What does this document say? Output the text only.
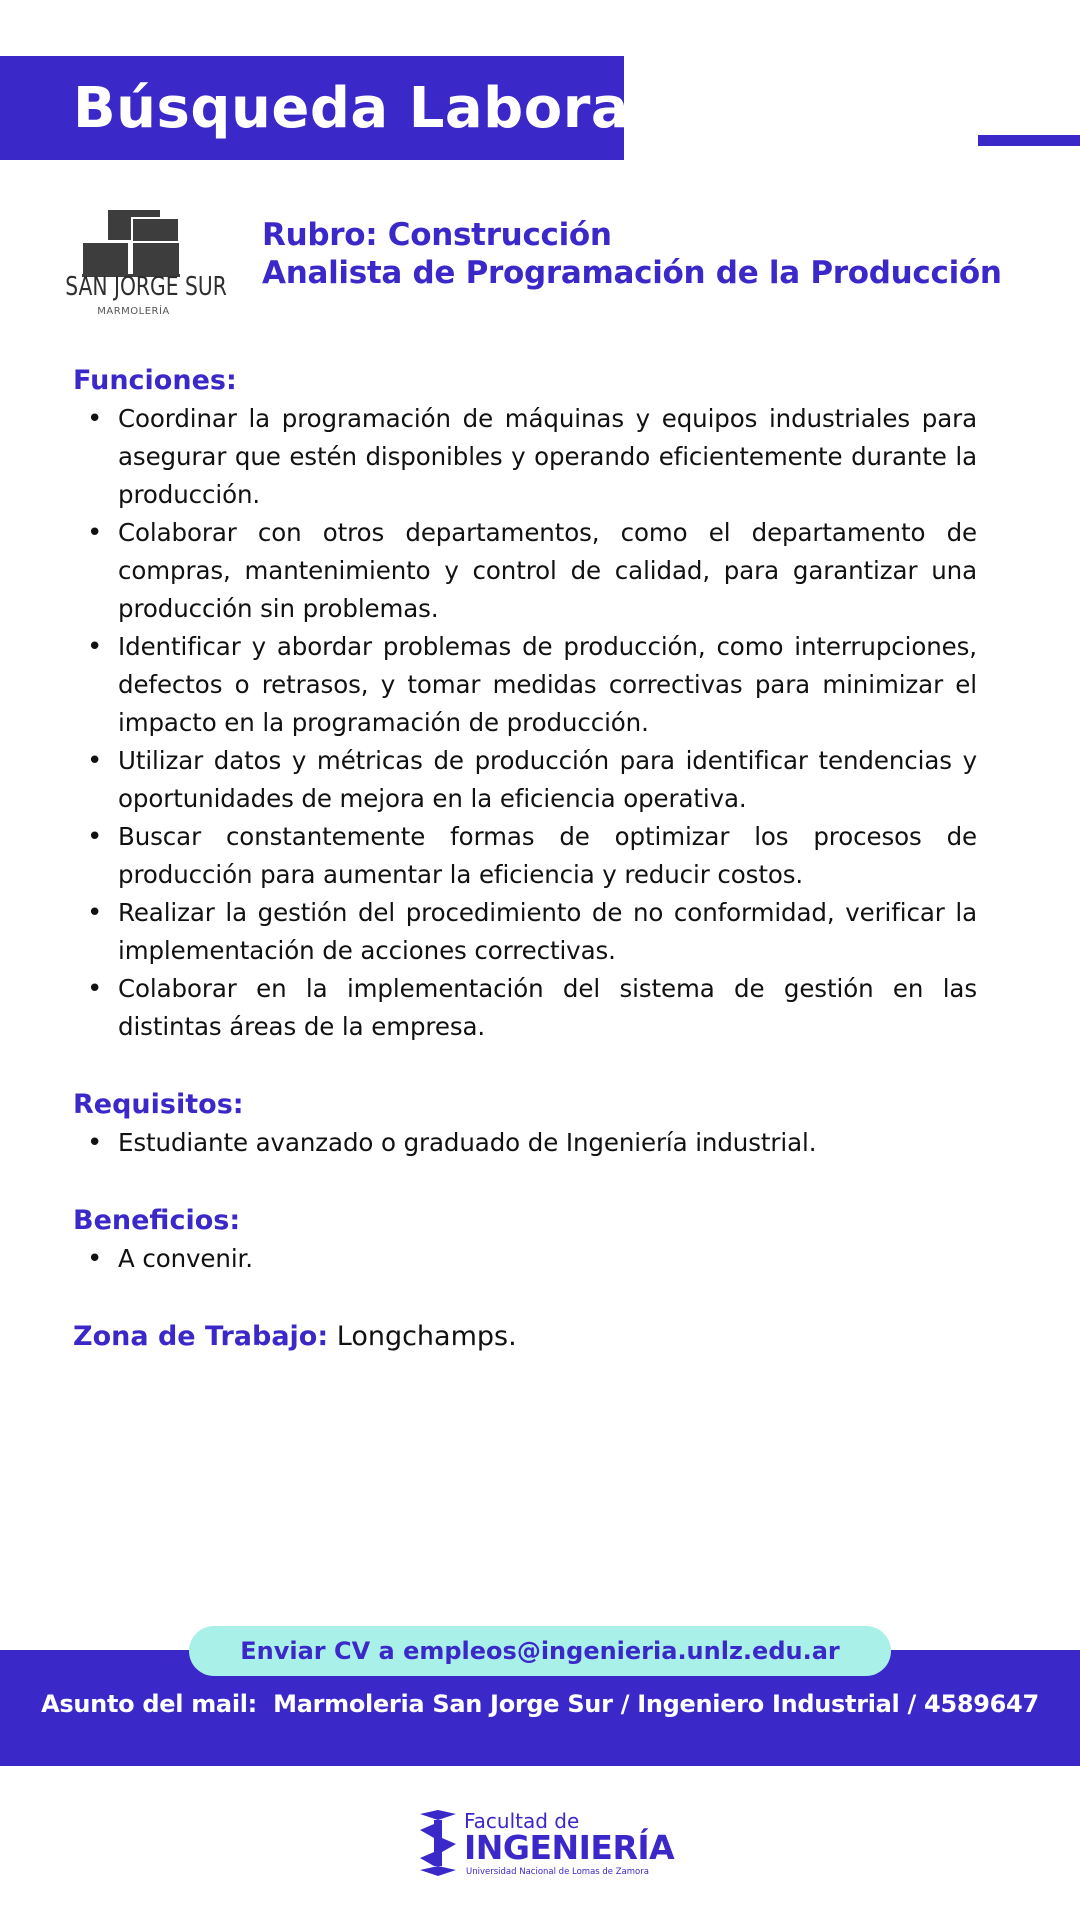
Búsqueda Laboral
SAN JORGE SUR
MARMOLERÍA
Rubro: Construcción
Analista de Programación de la Producción

Funciones:

• Coordinar la programación de máquinas y equipos industriales para asegurar que estén disponibles y operando eficientemente durante la producción.
• Colaborar con otros departamentos, como el departamento de compras, mantenimiento y control de calidad, para garantizar una producción sin problemas.
• Identificar y abordar problemas de producción, como interrupciones, defectos o retrasos, y tomar medidas correctivas para minimizar el impacto en la programación de producción.
• Utilizar datos y métricas de producción para identificar tendencias y oportunidades de mejora en la eficiencia operativa.
• Buscar constantemente formas de optimizar los procesos de producción para aumentar la eficiencia y reducir costos.
• Realizar la gestión del procedimiento de no conformidad, verificar la implementación de acciones correctivas.
• Colaborar en la implementación del sistema de gestión en las distintas áreas de la empresa.

Requisitos:

• Estudiante avanzado o graduado de Ingeniería industrial.

Beneficios:

• A convenir.
Zona de Trabajo: Longchamps.
Enviar CV a empleos@ingenieria.unlz.edu.ar
Asunto del mail: Marmoleria San Jorge Sur / Ingeniero Industrial / 4589647
Facultad de
INGENIERÍA
Universidad Nacional de Lomas de Zamora
